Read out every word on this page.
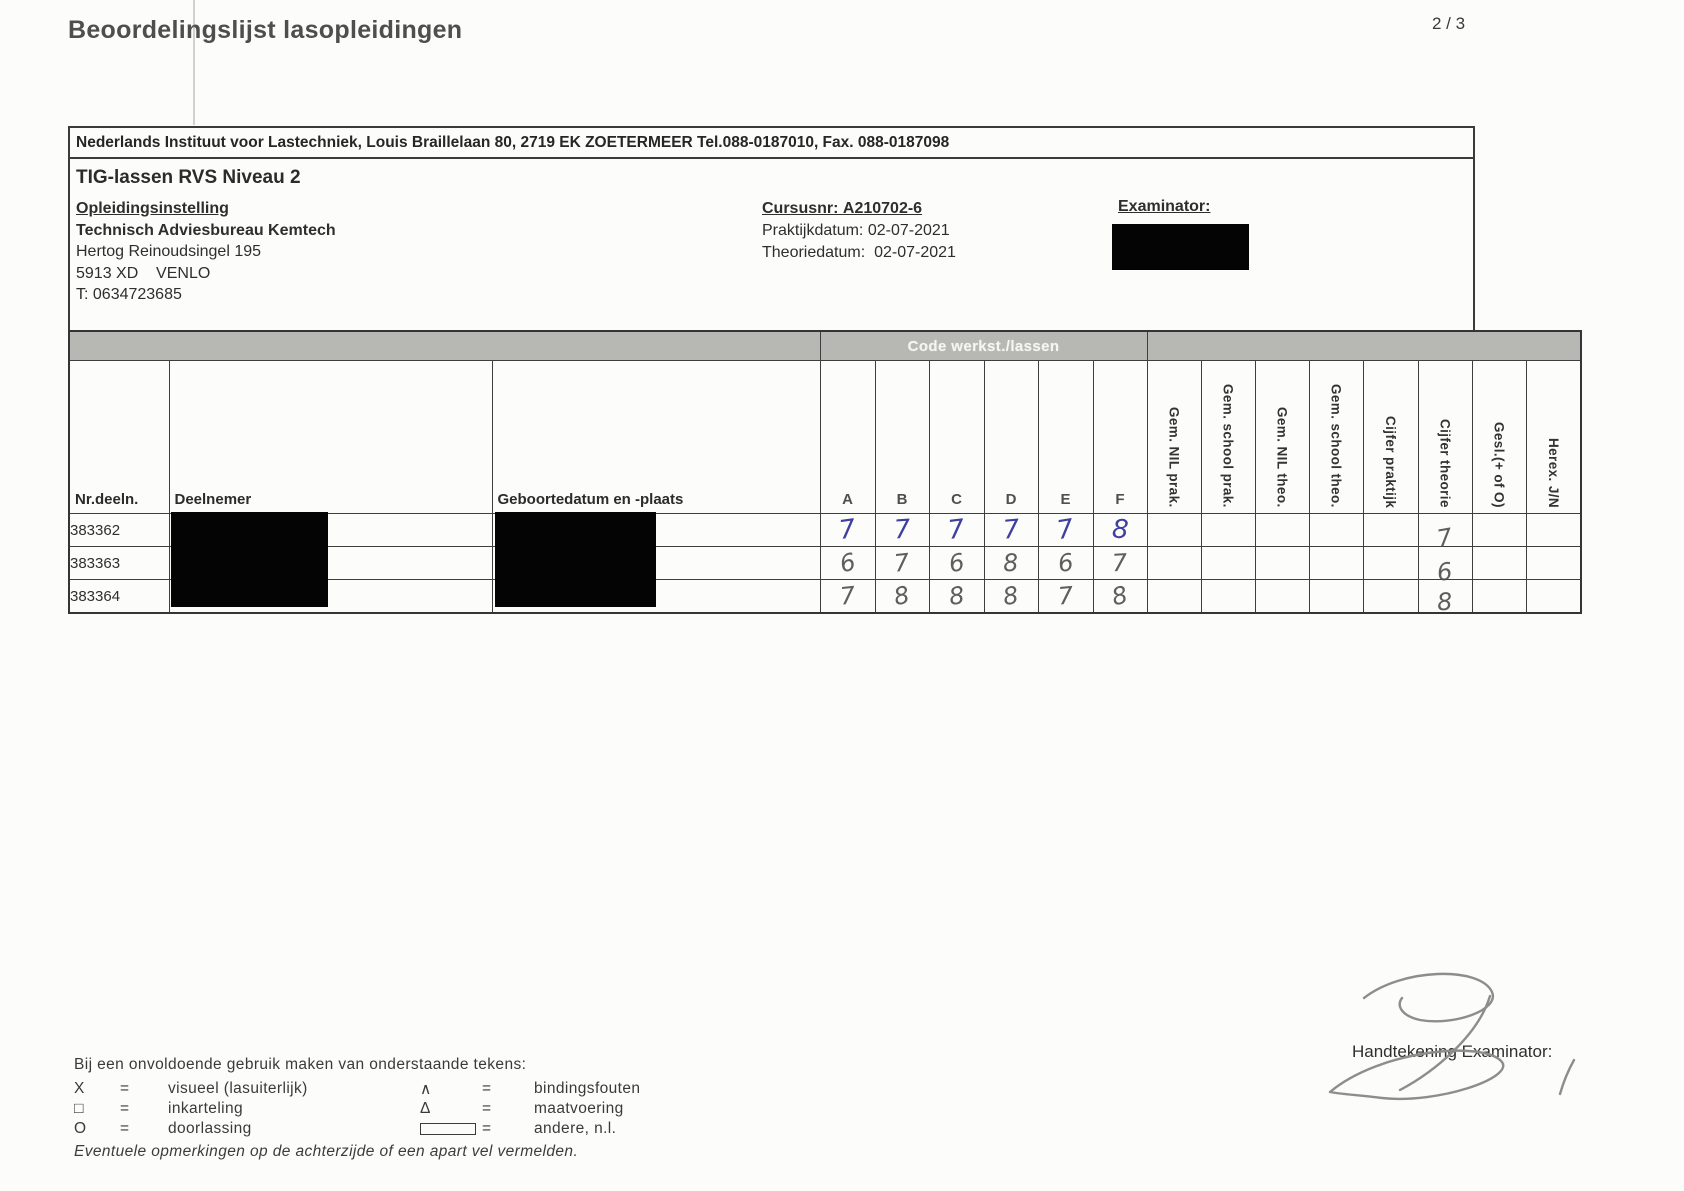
Beoordelingslijst lasopleidingen	2 / 3
Nederlands Instituut voor Lastechniek, Louis Braillelaan 80, 2719 EK ZOETERMEER Tel.088-0187010, Fax. 088-0187098
TIG-lassen RVS Niveau 2
Opleidingsinstelling
Technisch Adviesbureau Kemtech
Hertog Reinoudsingel 195
5913 XD    VENLO
T: 0634723685
Cursusnr: A210702-6
Praktijkdatum: 02-07-2021
Theoriedatum: 02-07-2021
Examinator:
			Code werkst./lassen													

Nr.deeln.	Deelnemer	Geboortedatum en -plaats	A	B	C	D	E	F	Gem. NIL prak.	Gem. school prak.	Gem. NIL theo.	Gem. school theo.	Cijfer praktijk	Cijfer theorie	Gesl.(+ of O)	Herex. J/N
383362			7	7	7	7	7	8						7		
383363			6	7	6	8	6	7						6		
383364			7	8	8	8	7	8						8		
Bij een onvoldoende gebruik maken van onderstaande tekens:
X	=	visueel (lasuiterlijk)	∧	=	bindingsfouten
□	=	inkarteling	Δ	=	maatvoering
O	=	doorlassing	=	andere, n.l.
Eventuele opmerkingen op de achterzijde of een apart vel vermelden.
Handtekening Examinator:
